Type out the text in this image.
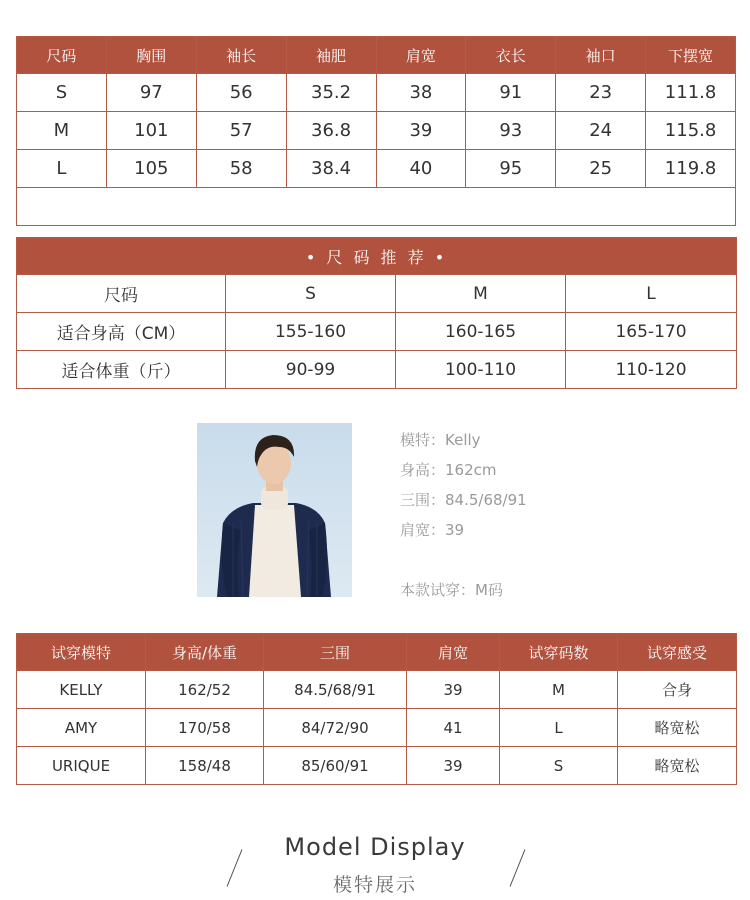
尺码	胸围	袖长	袖肥	肩宽	衣长	袖口	下摆宽
S	97	56	35.2	38	91	23	111.8
M	101	57	36.8	39	93	24	115.8
L	105	58	38.4	40	95	25	119.8

• 尺 码 推 荐 •			
尺码	S	M	L
适合身高（CM）	155-160	160-165	165-170
适合体重（斤）	90-99	100-110	110-120
模特：Kelly
身高：162cm
三围：84.5/68/91
肩宽：39
本款试穿：M码
试穿模特	身高/体重	三围	肩宽	试穿码数	试穿感受
KELLY	162/52	84.5/68/91	39	M	合身
AMY	170/58	84/72/90	41	L	略宽松
URIQUE	158/48	85/60/91	39	S	略宽松
Model Display
模特展示
